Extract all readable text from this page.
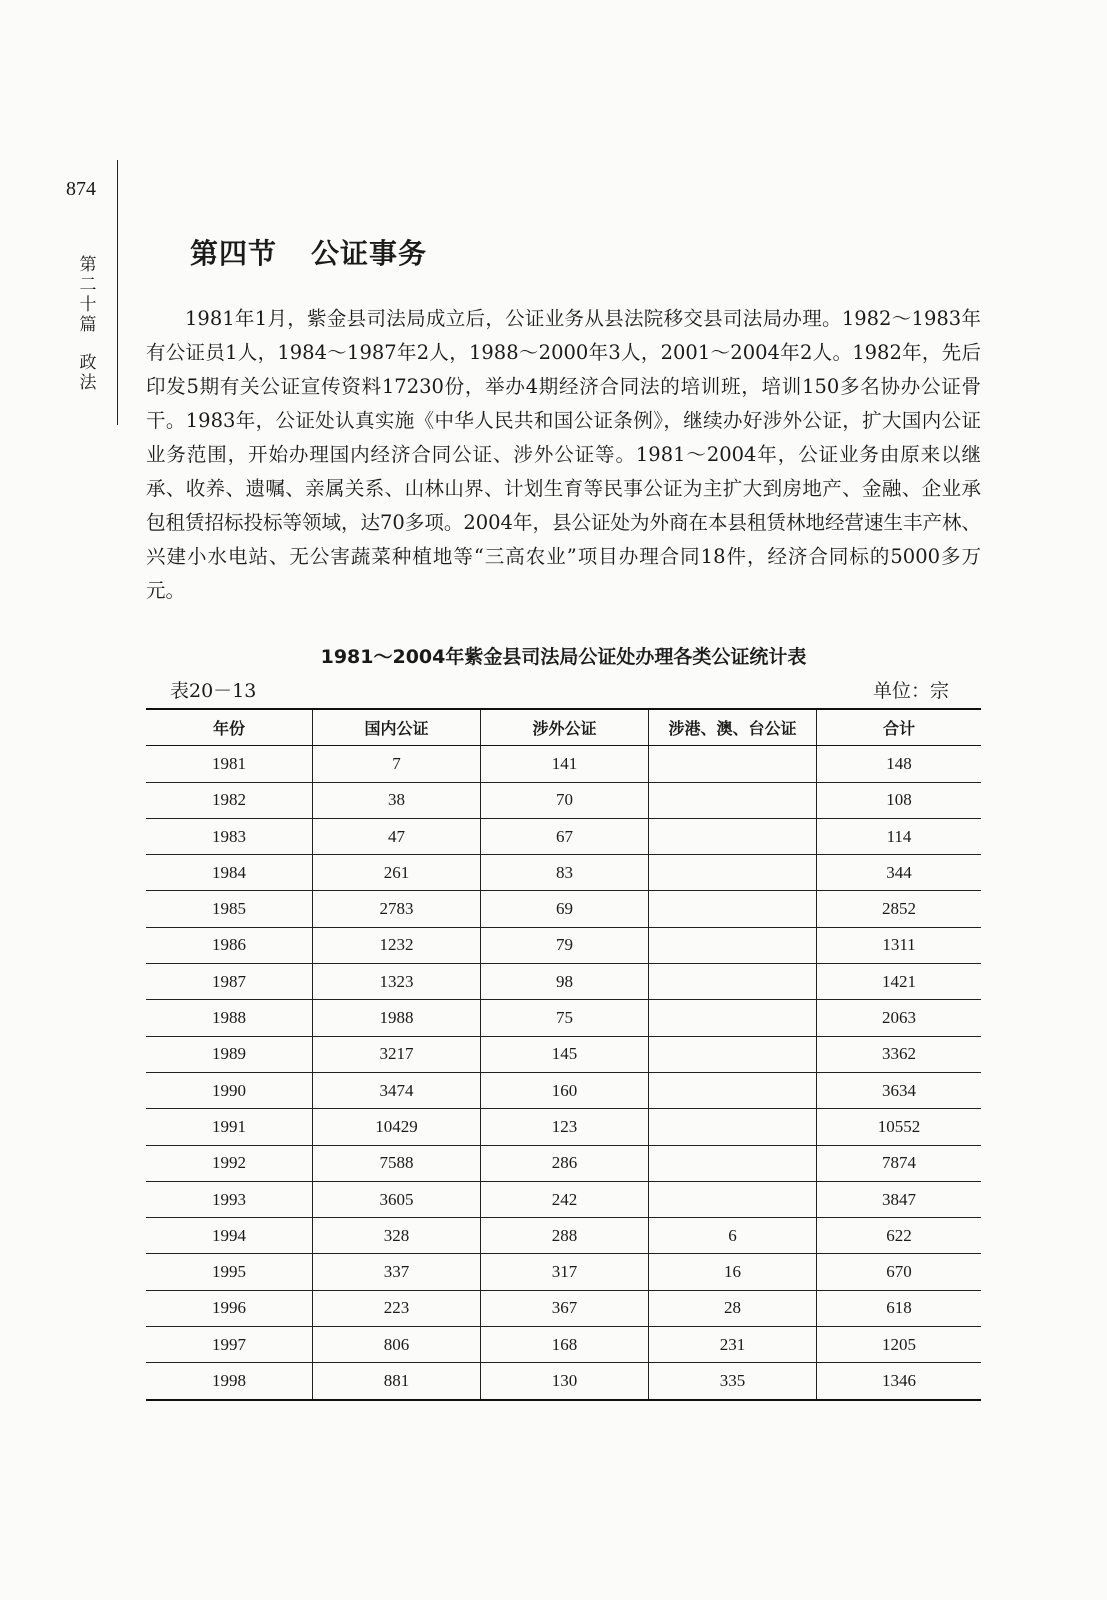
874
第
二
十
篇
政
法
第四节 公证事务

1981年1月，紫金县司法局成立后，公证业务从县法院移交县司法局办理。1982～1983年有公证员1人，1984～1987年2人，1988～2000年3人，2001～2004年2人。1982年，先后印发5期有关公证宣传资料17230份，举办4期经济合同法的培训班，培训150多名协办公证骨干。1983年，公证处认真实施《中华人民共和国公证条例》，继续办好涉外公证，扩大国内公证业务范围，开始办理国内经济合同公证、涉外公证等。1981～2004年，公证业务由原来以继承、收养、遗嘱、亲属关系、山林山界、计划生育等民事公证为主扩大到房地产、金融、企业承包租赁招标投标等领域，达70多项。2004年，县公证处为外商在本县租赁林地经营速生丰产林、兴建小水电站、无公害蔬菜种植地等“三高农业”项目办理合同18件，经济合同标的5000多万元。

1981～2004年紫金县司法局公证处办理各类公证统计表
表20－13	单位：宗
年份	国内公证	涉外公证	涉港、澳、台公证	合计
1981	7	141		148
1982	38	70		108
1983	47	67		114
1984	261	83		344
1985	2783	69		2852
1986	1232	79		1311
1987	1323	98		1421
1988	1988	75		2063
1989	3217	145		3362
1990	3474	160		3634
1991	10429	123		10552
1992	7588	286		7874
1993	3605	242		3847
1994	328	288	6	622
1995	337	317	16	670
1996	223	367	28	618
1997	806	168	231	1205
1998	881	130	335	1346
